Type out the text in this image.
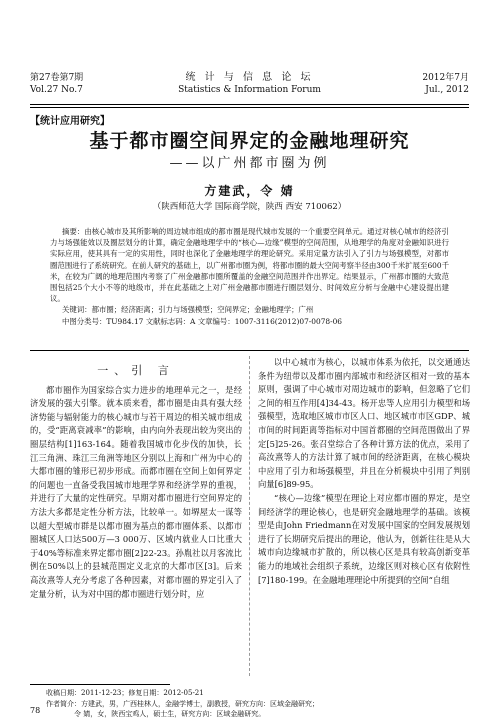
第27卷第7期
Vol.27 No.7
统 计 与 信 息 论 坛
Statistics & Information Forum
2012年7月
Jul., 2012
【统计应用研究】
基于都市圈空间界定的金融地理研究
——以广州都市圈为例
方建武，令 婧
（陕西师范大学 国际商学院，陕西 西安 710062）

摘要：由核心城市及其所影响的周边城市组成的都市圈是现代城市发展的一个重要空间单元。通过对核心城市的经济引力与场强能效以及圈层划分的计算，确定金融地理学中的“核心—边缘”模型的空间范围，从地理学的角度对金融知识进行实际应用，使其具有一定的实用性，同时也深化了金融地理学的理论研究。采用定量方法引入了引力与场强模型，对都市圈范围进行了系统研究。在前人研究的基础上，以广州都市圈为例，将都市圈的最大空间考察半径由300千米扩展至600千米，在较为广阔的地理范围内考察了广州金融都市圈所覆盖的金融空间范围并作出界定。结果显示，广州都市圈的大致范围包括25个大小不等的地级市，并在此基础之上对广州金融都市圈进行圈层划分、时间效应分析与金融中心建设提出建议。

关键词：都市圈；经济距离；引力与场强模型；空间界定；金融地理学；广州

中图分类号：TU984.17 文献标志码：A 文章编号：1007-3116(2012)07-0078-06

一、引 言

都市圈作为国家综合实力进步的地理单元之一，是经济发展的强大引擎。就本质来看，都市圈是由具有强大经济势能与辐射能力的核心城市与若干周边的相关城市组成的，受“距离衰减率”的影响，由内向外表现出较为突出的圈层结构[1]163-164。随着我国城市化步伐的加快，长江三角洲、珠江三角洲等地区分别以上海和广州为中心的大都市圈的雏形已初步形成。而都市圈在空间上如何界定的问题也一直备受我国城市地理学界和经济学界的重视，并进行了大量的定性研究。早期对都市圈进行空间界定的方法大多都是定性分析方法，比较单一。如堺屋太一谋等以超大型城市群是以都市圈为基点的都市圈体系、以都市圈城区人口达500万—3 000万、区域内就业人口比重大于40%等标准来界定都市圈[2]22-23。孙胤社以月客流比例在50%以上的县城范围定义北京的大都市区[3]。后来高汝熹等人充分考虑了各种因素，对都市圈的界定引入了定量分析，认为对中国的都市圈进行划分时，应

以中心城市为核心，以城市体系为依托，以交通通达条件为纽带以及都市圈内部城市和经济区相对一致的基本原则，强调了中心城市对周边城市的影响，但忽略了它们之间的相互作用[4]34-43。杨开忠等人应用引力模型和场强模型，选取地区城市市区人口、地区城市市区GDP、城市间的时间距离等指标对中国首都圈的空间范围做出了界定[5]25-26。张召堂综合了各种计算方法的优点，采用了高汝熹等人的方法计算了城市间的经济距离，在核心模块中应用了引力和场强模型，并且在分析模块中引用了判别向量[6]89-95。

“核心—边缘”模型在理论上对应都市圈的界定，是空间经济学的理论核心，也是研究金融地理学的基础。该模型是由John Friedmann在对发展中国家的空间发展规划进行了长期研究后提出的理论，他认为，创新往往是从大城市向边缘城市扩散的，所以核心区是具有较高创新变革能力的地域社会组织子系统，边缘区则对核心区有依附性[7]180-199。在金融地理理论中所提到的空间“自组

收稿日期：2011-12-23；修复日期：2012-05-21
作者简介：方建武，男，广西桂林人，金融学博士，副教授，研究方向：区域金融研究；
令 婧，女，陕西宝鸡人，硕士生，研究方向：区域金融研究。
78
